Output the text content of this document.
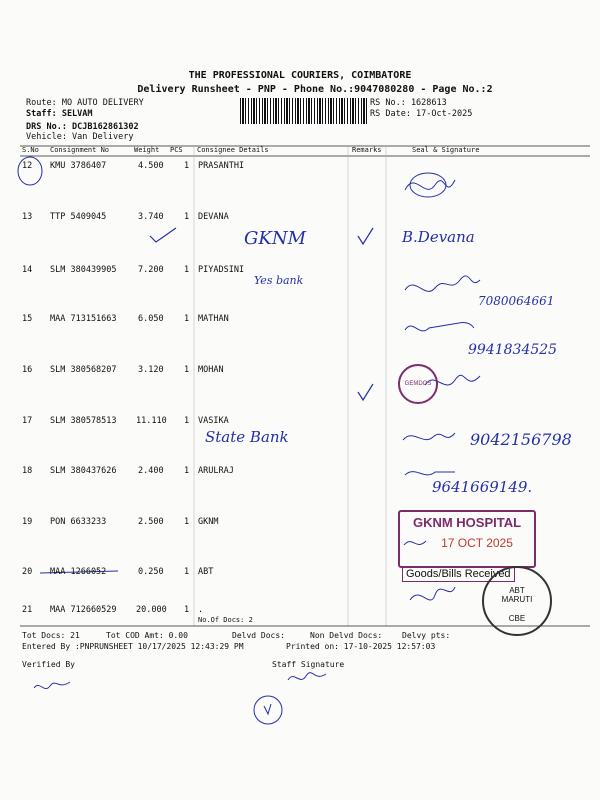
THE PROFESSIONAL COURIERS, COIMBATORE
Delivery Runsheet - PNP - Phone No.:9047080280 - Page No.:2
Route: MO AUTO DELIVERY
Staff: SELVAM
DRS No.: DCJB162861302
Vehicle: Van Delivery
RS No.: 1628613
RS Date: 17-Oct-2025
S.No Consignment No	Weight PCS Consignee Details	Remarks	Seal & Signature
12 KMU 3786407	4.500 1 PRASANTHI
13 TTP 5409045	3.740 1 DEVANA
14 SLM 380439905	7.200 1 PIYADSINI
15 MAA 713151663	6.050 1 MATHAN
16 SLM 380568207	3.120 1 MOHAN
17 SLM 380578513 11.110 1 VASIKA
18 SLM 380437626	2.400 1 ARULRAJ
19 PON 6633233	2.500 1 GKNM
20 MAA 1266052	0.250 1 ABT
21 MAA 712660529 20.000 1 .
No.Of Docs: 2
GKNM	B.Devana
Yes bank
7080064661
9941834525
State Bank	9042156798
9641669149.
GEMDOS
GKNM HOSPITAL
17 OCT 2025
Goods/Bills Received
ABT
MARUTI
CBE
Tot Docs: 21	Tot COD Amt: 0.00	Delvd Docs:	Non Delvd Docs: Delvy pts:
Entered By :PNPRUNSHEET 10/17/2025 12:43:29 PM	Printed on: 17-10-2025 12:57:03
Verified By	Staff Signature
